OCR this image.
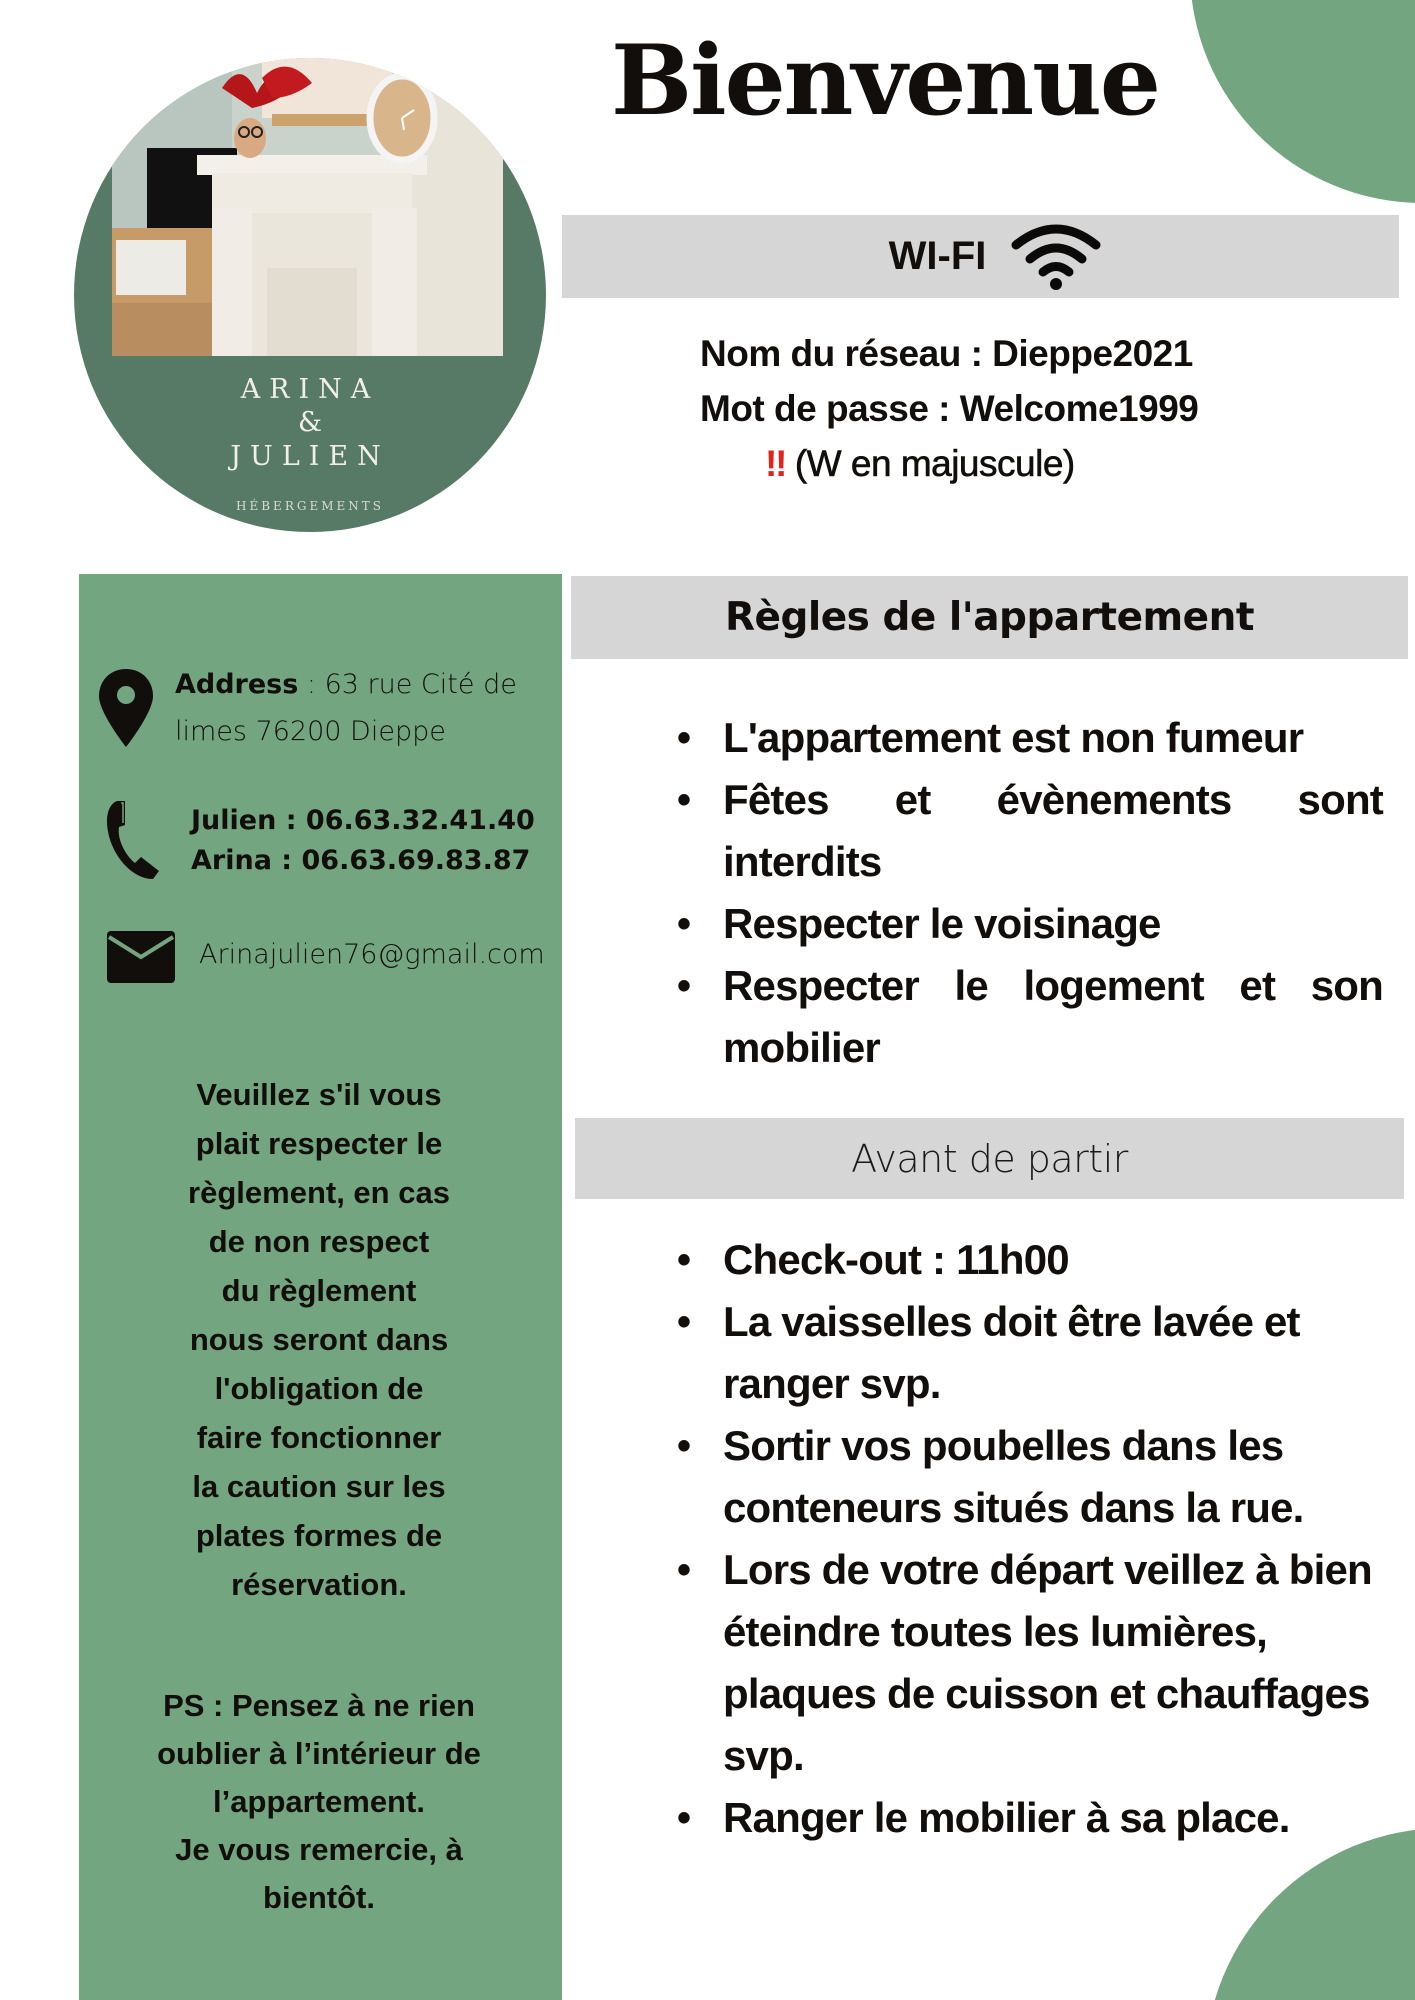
ARINA
&
JULIEN
HÉBERGEMENTS
Bienvenue
WI-FI
Nom du réseau : Dieppe2021
Mot de passe : Welcome1999
‼ (W en majuscule)
Address : 63 rue Cité de limes 76200 Dieppe
Julien : 06.63.32.41.40
Arina : 06.63.69.83.87
Arinajulien76@gmail.com
Veuillez s'il vous
plait respecter le
règlement, en cas
de non respect
du règlement
nous seront dans
l'obligation de
faire fonctionner
la caution sur les
plates formes de
réservation.
PS : Pensez à ne rien
oublier à l’intérieur de
l’appartement.
Je vous remercie, à
bientôt.
Règles de l'appartement
• L'appartement est non fumeur
• Fêtes et évènements sont interdits
• Respecter le voisinage
• Respecter le logement et son mobilier
Avant de partir
• Check-out : 11h00
• La vaisselles doit être lavée et ranger svp.
• Sortir vos poubelles dans les conteneurs situés dans la rue.
• Lors de votre départ veillez à bien éteindre toutes les lumières, plaques de cuisson et chauffages svp.
• Ranger le mobilier à sa place.
